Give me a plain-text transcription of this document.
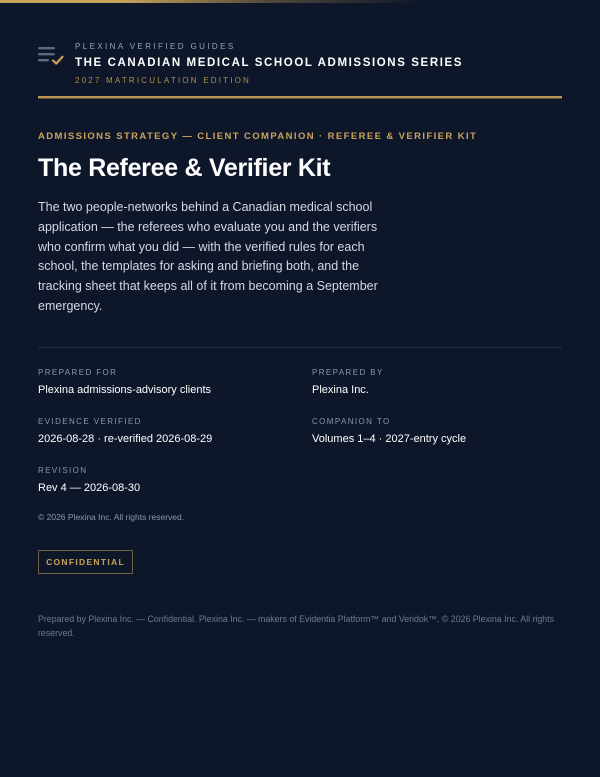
PLEXINA VERIFIED GUIDES
THE CANADIAN MEDICAL SCHOOL ADMISSIONS SERIES
2027 MATRICULATION EDITION
ADMISSIONS STRATEGY — CLIENT COMPANION · REFEREE & VERIFIER KIT
The Referee & Verifier Kit

The two people-networks behind a Canadian medical school application — the referees who evaluate you and the verifiers who confirm what you did — with the verified rules for each school, the templates for asking and briefing both, and the tracking sheet that keeps all of it from becoming a September emergency.

PREPARED FOR
Plexina admissions-advisory clients
PREPARED BY
Plexina Inc.
EVIDENCE VERIFIED
2026-08-28 · re-verified 2026-08-29
COMPANION TO
Volumes 1–4 · 2027-entry cycle
REVISION
Rev 4 — 2026-08-30
© 2026 Plexina Inc. All rights reserved.
CONFIDENTIAL
Prepared by Plexina Inc. — Confidential. Plexina Inc. — makers of Evidentia Platform™ and Veridok™. © 2026 Plexina Inc. All rights reserved.
